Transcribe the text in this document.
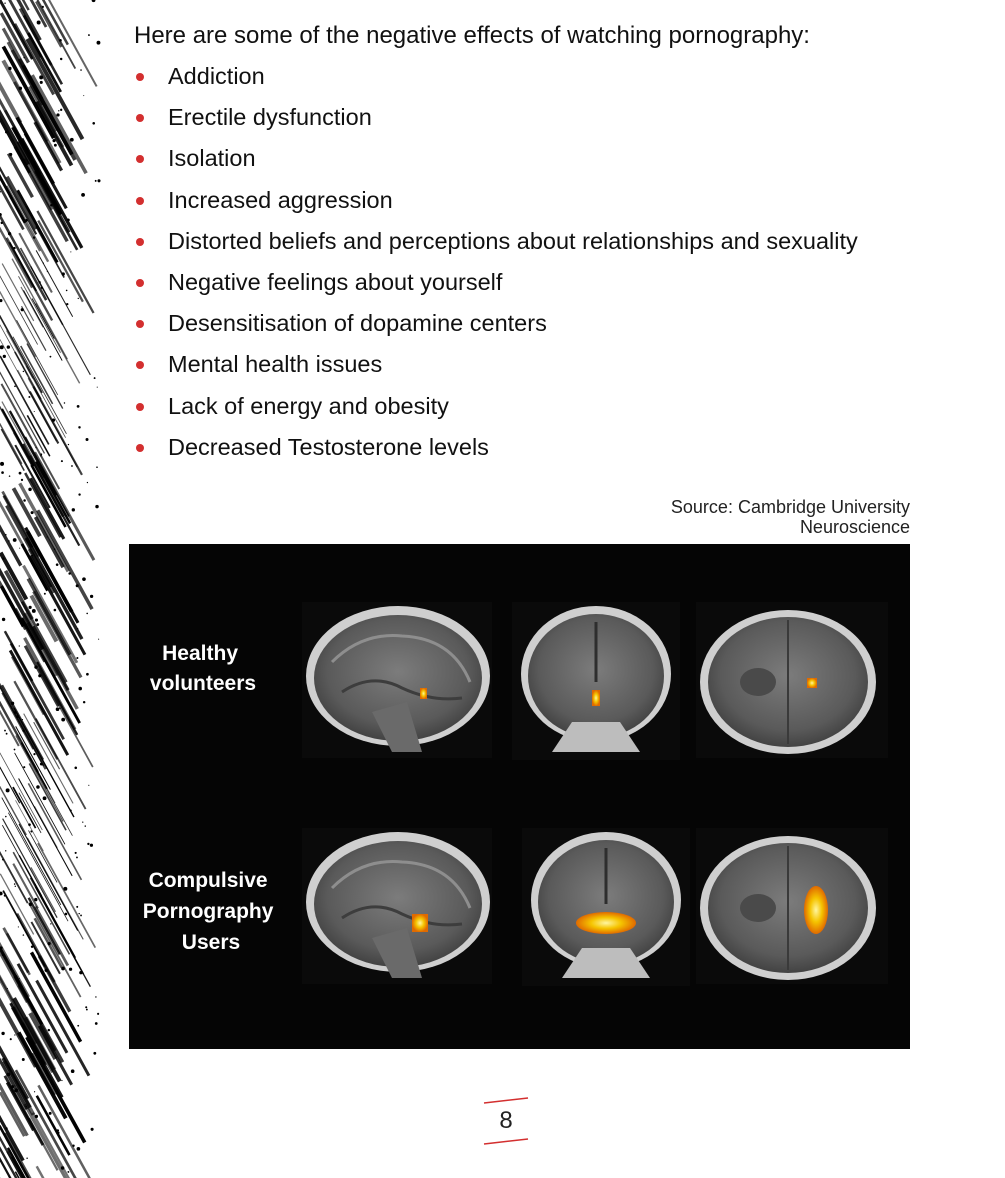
Here are some of the negative effects of watching pornography:

Addiction
Erectile dysfunction
Isolation
Increased aggression
Distorted beliefs and perceptions about relationships and sexuality
Negative feelings about yourself
Desensitisation of dopamine centers
Mental health issues
Lack of energy and obesity
Decreased Testosterone levels
Source: Cambridge University
Neuroscience
Healthy volunteers
Compulsive Pornography Users
8
